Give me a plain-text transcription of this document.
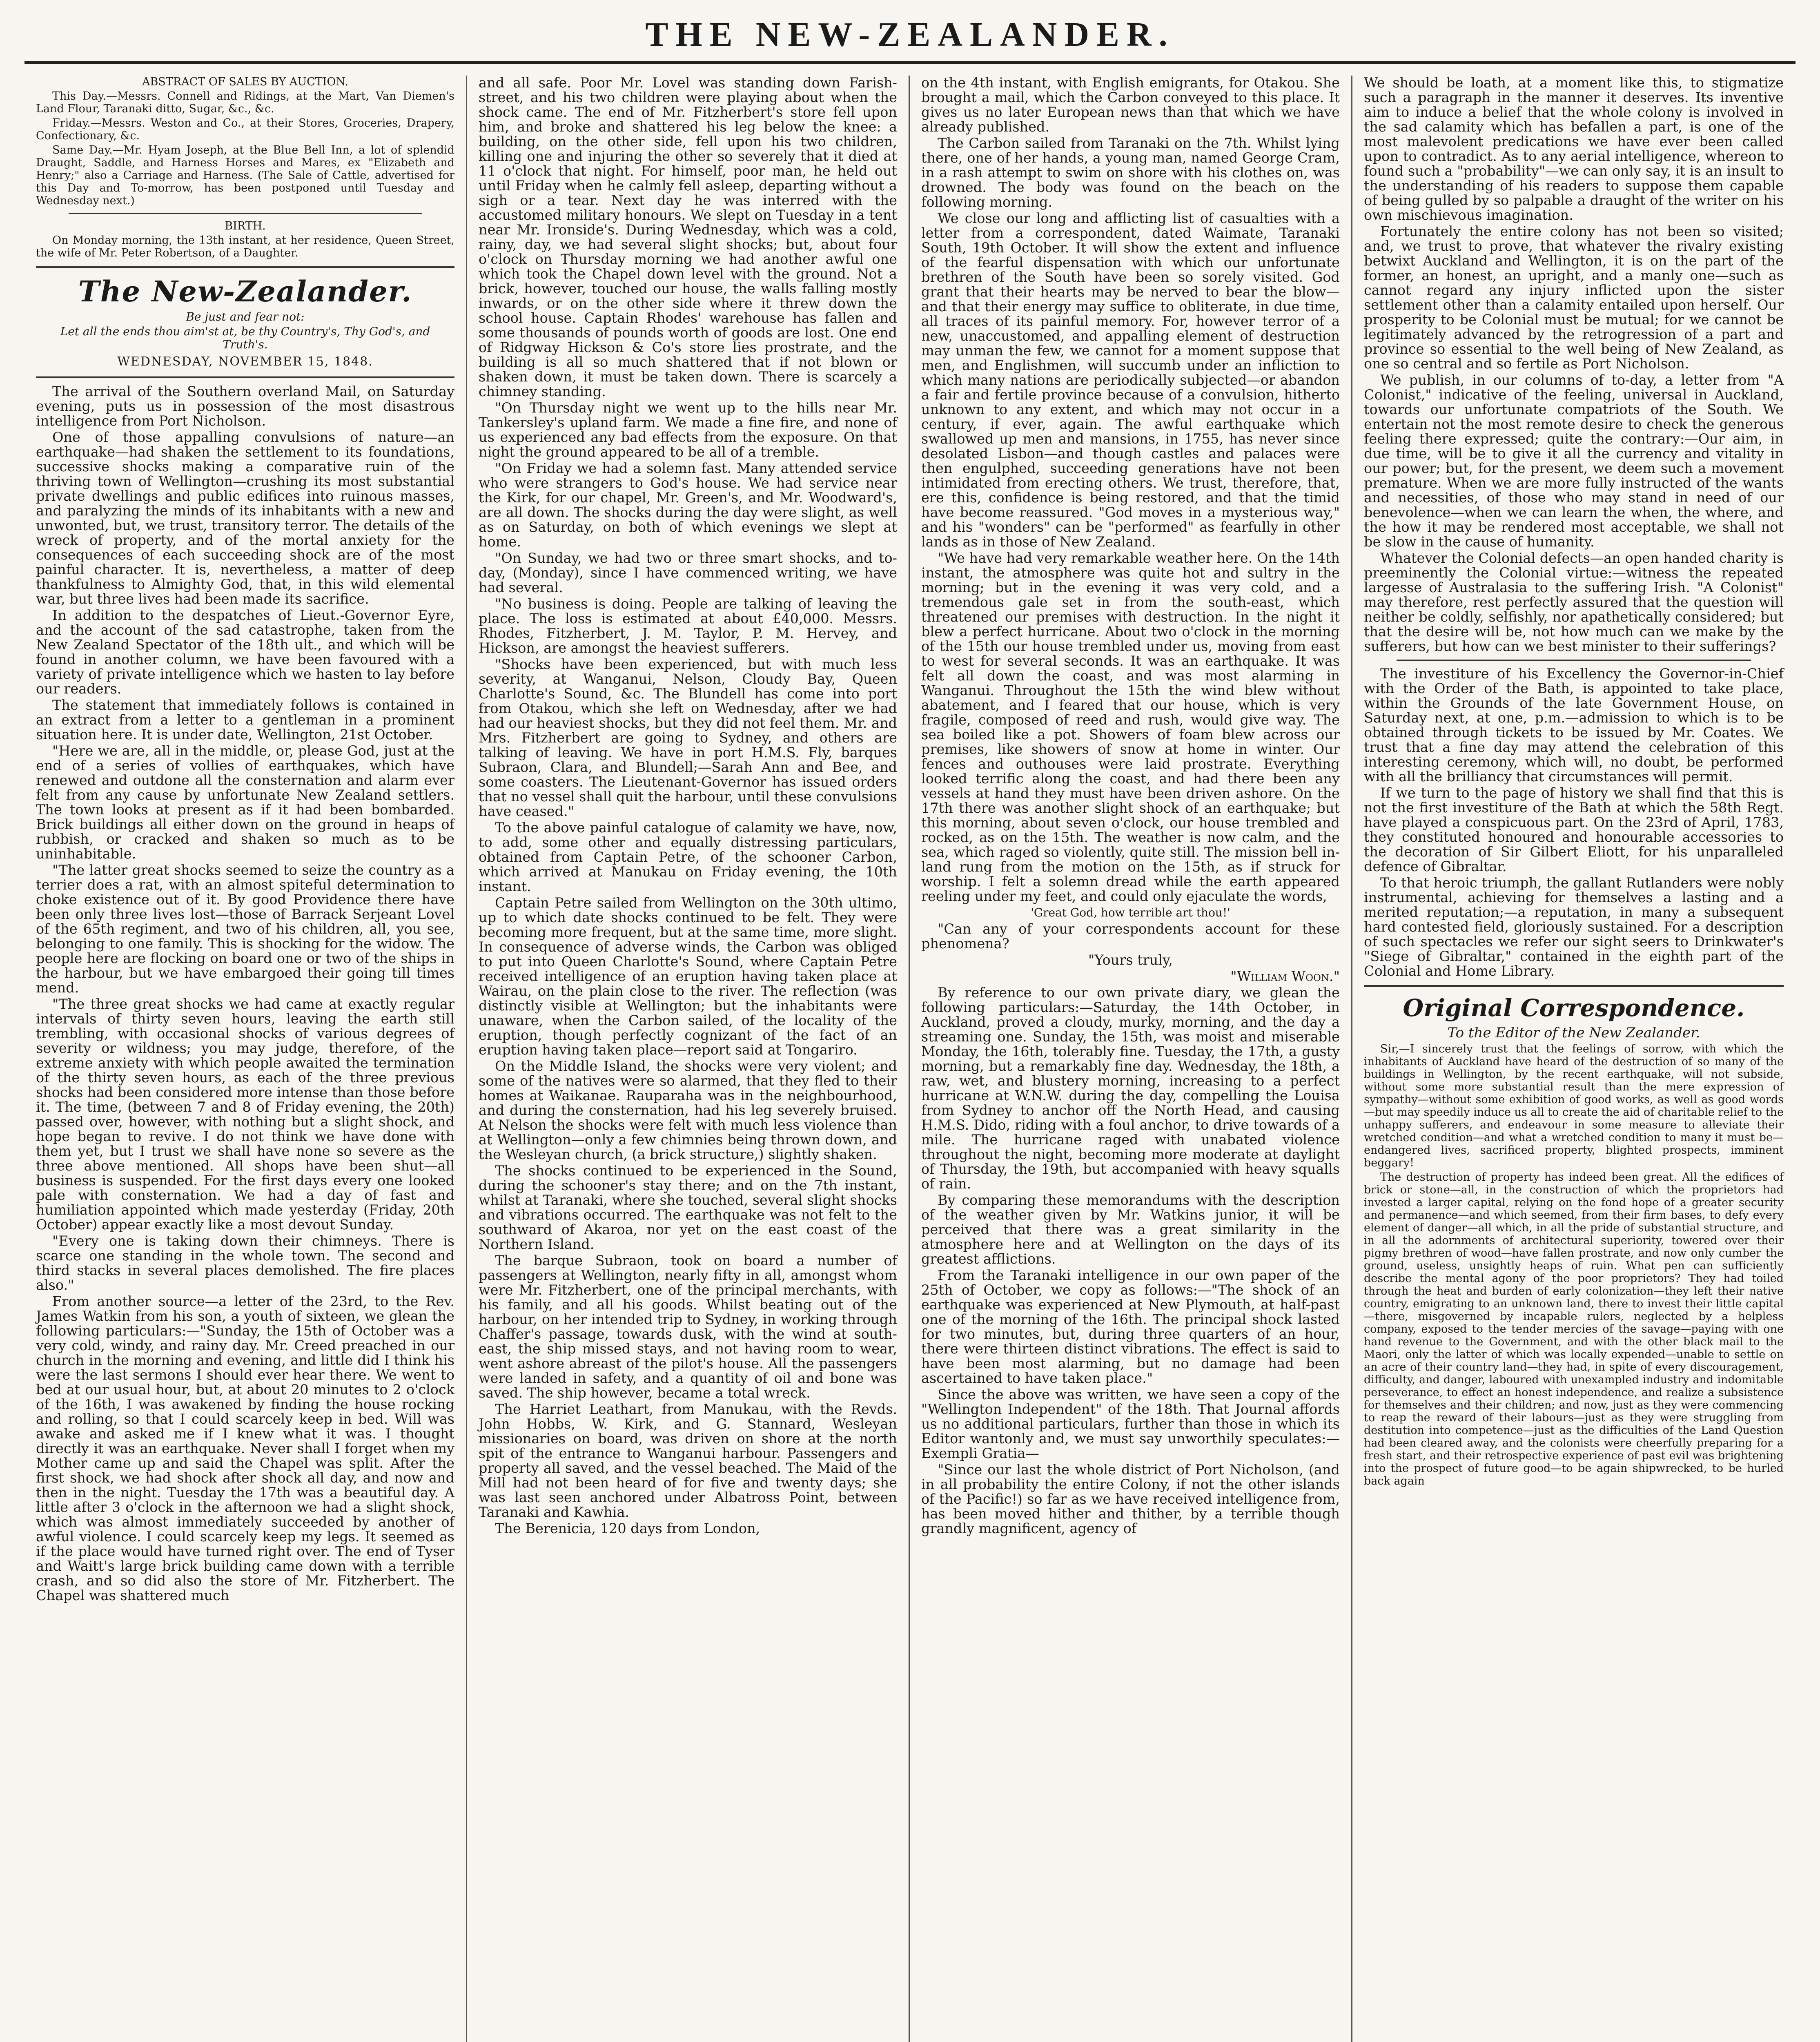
THE NEW-ZEALANDER.

ABSTRACT OF SALES BY AUCTION.

This Day.—Messrs. Connell and Ridings, at the Mart, Van Diemen's Land Flour, Taranaki ditto, Sugar, &c., &c.

Friday.—Messrs. Weston and Co., at their Stores, Groceries, Drapery, Confectionary, &c.

Same Day.—Mr. Hyam Joseph, at the Blue Bell Inn, a lot of splendid Draught, Saddle, and Harness Horses and Mares, ex "Elizabeth and Henry;" also a Carriage and Harness. (The Sale of Cattle, advertised for this Day and To-morrow, has been postponed until Tuesday and Wednesday next.)

BIRTH.

On Monday morning, the 13th instant, at her residence, Queen Street, the wife of Mr. Peter Robertson, of a Daughter.

The New-Zealander.

Be just and fear not:

Let all the ends thou aim'st at, be thy Country's, Thy God's, and Truth's.

WEDNESDAY, NOVEMBER 15, 1848.

The arrival of the Southern overland Mail, on Saturday evening, puts us in possession of the most disastrous intelligence from Port Nicholson.

One of those appalling convulsions of nature—an earthquake—had shaken the settlement to its foundations, successive shocks making a comparative ruin of the thriving town of Wellington—crushing its most substantial private dwellings and public edifices into ruinous masses, and paralyzing the minds of its inhabitants with a new and unwonted, but, we trust, transitory terror. The details of the wreck of property, and of the mortal anxiety for the consequences of each succeeding shock are of the most painful character. It is, nevertheless, a matter of deep thankfulness to Almighty God, that, in this wild elemental war, but three lives had been made its sacrifice.

In addition to the despatches of Lieut.-Governor Eyre, and the account of the sad catastrophe, taken from the New Zealand Spectator of the 18th ult., and which will be found in another column, we have been favoured with a variety of private intelligence which we hasten to lay before our readers.

The statement that immediately follows is contained in an extract from a letter to a gentleman in a prominent situation here. It is under date, Wellington, 21st October.

"Here we are, all in the middle, or, please God, just at the end of a series of vollies of earthquakes, which have renewed and outdone all the consternation and alarm ever felt from any cause by unfortunate New Zealand settlers. The town looks at present as if it had been bombarded. Brick buildings all either down on the ground in heaps of rubbish, or cracked and shaken so much as to be uninhabitable.

"The latter great shocks seemed to seize the country as a terrier does a rat, with an almost spiteful determination to choke existence out of it. By good Providence there have been only three lives lost—those of Barrack Serjeant Lovel of the 65th regiment, and two of his children, all, you see, belonging to one family. This is shocking for the widow. The people here are flocking on board one or two of the ships in the harbour, but we have embargoed their going till times mend.

"The three great shocks we had came at exactly regular intervals of thirty seven hours, leaving the earth still trembling, with occasional shocks of various degrees of severity or wildness; you may judge, therefore, of the extreme anxiety with which people awaited the termination of the thirty seven hours, as each of the three previous shocks had been considered more intense than those before it. The time, (between 7 and 8 of Friday evening, the 20th) passed over, however, with nothing but a slight shock, and hope began to revive. I do not think we have done with them yet, but I trust we shall have none so severe as the three above mentioned. All shops have been shut—all business is suspended. For the first days every one looked pale with consternation. We had a day of fast and humiliation appointed which made yesterday (Friday, 20th October) appear exactly like a most devout Sunday.

"Every one is taking down their chimneys. There is scarce one standing in the whole town. The second and third stacks in several places demolished. The fire places also."

From another source—a letter of the 23rd, to the Rev. James Watkin from his son, a youth of sixteen, we glean the following particulars:—"Sunday, the 15th of October was a very cold, windy, and rainy day. Mr. Creed preached in our church in the morning and evening, and little did I think his were the last sermons I should ever hear there. We went to bed at our usual hour, but, at about 20 minutes to 2 o'clock of the 16th, I was awakened by finding the house rocking and rolling, so that I could scarcely keep in bed. Will was awake and asked me if I knew what it was. I thought directly it was an earthquake. Never shall I forget when my Mother came up and said the Chapel was split. After the first shock, we had shock after shock all day, and now and then in the night. Tuesday the 17th was a beautiful day. A little after 3 o'clock in the afternoon we had a slight shock, which was almost immediately succeeded by another of awful violence. I could scarcely keep my legs. It seemed as if the place would have turned right over. The end of Tyser and Waitt's large brick building came down with a terrible crash, and so did also the store of Mr. Fitzherbert. The Chapel was shattered much

and all safe. Poor Mr. Lovel was standing down Farish-street, and his two children were playing about when the shock came. The end of Mr. Fitzherbert's store fell upon him, and broke and shattered his leg below the knee: a building, on the other side, fell upon his two children, killing one and injuring the other so severely that it died at 11 o'clock that night. For himself, poor man, he held out until Friday when he calmly fell asleep, departing without a sigh or a tear. Next day he was interred with the accustomed military honours. We slept on Tuesday in a tent near Mr. Ironside's. During Wednesday, which was a cold, rainy, day, we had several slight shocks; but, about four o'clock on Thursday morning we had another awful one which took the Chapel down level with the ground. Not a brick, however, touched our house, the walls falling mostly inwards, or on the other side where it threw down the school house. Captain Rhodes' warehouse has fallen and some thousands of pounds worth of goods are lost. One end of Ridgway Hickson & Co's store lies prostrate, and the building is all so much shattered that if not blown or shaken down, it must be taken down. There is scarcely a chimney standing.

"On Thursday night we went up to the hills near Mr. Tankersley's upland farm. We made a fine fire, and none of us experienced any bad effects from the exposure. On that night the ground appeared to be all of a tremble.

"On Friday we had a solemn fast. Many attended service who were strangers to God's house. We had service near the Kirk, for our chapel, Mr. Green's, and Mr. Woodward's, are all down. The shocks during the day were slight, as well as on Saturday, on both of which evenings we slept at home.

"On Sunday, we had two or three smart shocks, and to-day, (Monday), since I have commenced writing, we have had several.

"No business is doing. People are talking of leaving the place. The loss is estimated at about £40,000. Messrs. Rhodes, Fitzherbert, J. M. Taylor, P. M. Hervey, and Hickson, are amongst the heaviest sufferers.

"Shocks have been experienced, but with much less severity, at Wanganui, Nelson, Cloudy Bay, Queen Charlotte's Sound, &c. The Blundell has come into port from Otakou, which she left on Wednesday, after we had had our heaviest shocks, but they did not feel them. Mr. and Mrs. Fitzherbert are going to Sydney, and others are talking of leaving. We have in port H.M.S. Fly, barques Subraon, Clara, and Blundell;—Sarah Ann and Bee, and some coasters. The Lieutenant-Governor has issued orders that no vessel shall quit the harbour, until these convulsions have ceased."

To the above painful catalogue of calamity we have, now, to add, some other and equally distressing particulars, obtained from Captain Petre, of the schooner Carbon, which arrived at Manukau on Friday evening, the 10th instant.

Captain Petre sailed from Wellington on the 30th ultimo, up to which date shocks continued to be felt. They were becoming more frequent, but at the same time, more slight. In consequence of adverse winds, the Carbon was obliged to put into Queen Charlotte's Sound, where Captain Petre received intelligence of an eruption having taken place at Wairau, on the plain close to the river. The reflection (was distinctly visible at Wellington; but the inhabitants were unaware, when the Carbon sailed, of the locality of the eruption, though perfectly cognizant of the fact of an eruption having taken place—report said at Tongariro.

On the Middle Island, the shocks were very violent; and some of the natives were so alarmed, that they fled to their homes at Waikanae. Rauparaha was in the neighbourhood, and during the consternation, had his leg severely bruised. At Nelson the shocks were felt with much less violence than at Wellington—only a few chimnies being thrown down, and the Wesleyan church, (a brick structure,) slightly shaken.

The shocks continued to be experienced in the Sound, during the schooner's stay there; and on the 7th instant, whilst at Taranaki, where she touched, several slight shocks and vibrations occurred. The earthquake was not felt to the southward of Akaroa, nor yet on the east coast of the Northern Island.

The barque Subraon, took on board a number of passengers at Wellington, nearly fifty in all, amongst whom were Mr. Fitzherbert, one of the principal merchants, with his family, and all his goods. Whilst beating out of the harbour, on her intended trip to Sydney, in working through Chaffer's passage, towards dusk, with the wind at south-east, the ship missed stays, and not having room to wear, went ashore abreast of the pilot's house. All the passengers were landed in safety, and a quantity of oil and bone was saved. The ship however, became a total wreck.

The Harriet Leathart, from Manukau, with the Revds. John Hobbs, W. Kirk, and G. Stannard, Wesleyan missionaries on board, was driven on shore at the north spit of the entrance to Wanganui harbour. Passengers and property all saved, and the vessel beached. The Maid of the Mill had not been heard of for five and twenty days; she was last seen anchored under Albatross Point, between Taranaki and Kawhia.

The Berenicia, 120 days from London,

on the 4th instant, with English emigrants, for Otakou. She brought a mail, which the Carbon conveyed to this place. It gives us no later European news than that which we have already published.

The Carbon sailed from Taranaki on the 7th. Whilst lying there, one of her hands, a young man, named George Cram, in a rash attempt to swim on shore with his clothes on, was drowned. The body was found on the beach on the following morning.

We close our long and afflicting list of casualties with a letter from a correspondent, dated Waimate, Taranaki South, 19th October. It will show the extent and influence of the fearful dispensation with which our unfortunate brethren of the South have been so sorely visited. God grant that their hearts may be nerved to bear the blow—and that their energy may suffice to obliterate, in due time, all traces of its painful memory. For, however terror of a new, unaccustomed, and appalling element of destruction may unman the few, we cannot for a moment suppose that men, and Englishmen, will succumb under an infliction to which many nations are periodically subjected—or abandon a fair and fertile province because of a convulsion, hitherto unknown to any extent, and which may not occur in a century, if ever, again. The awful earthquake which swallowed up men and mansions, in 1755, has never since desolated Lisbon—and though castles and palaces were then engulphed, succeeding generations have not been intimidated from erecting others. We trust, therefore, that, ere this, confidence is being restored, and that the timid have become reassured. "God moves in a mysterious way," and his "wonders" can be "performed" as fearfully in other lands as in those of New Zealand.

"We have had very remarkable weather here. On the 14th instant, the atmosphere was quite hot and sultry in the morning; but in the evening it was very cold, and a tremendous gale set in from the south-east, which threatened our premises with destruction. In the night it blew a perfect hurricane. About two o'clock in the morning of the 15th our house trembled under us, moving from east to west for several seconds. It was an earthquake. It was felt all down the coast, and was most alarming in Wanganui. Throughout the 15th the wind blew without abatement, and I feared that our house, which is very fragile, composed of reed and rush, would give way. The sea boiled like a pot. Showers of foam blew across our premises, like showers of snow at home in winter. Our fences and outhouses were laid prostrate. Everything looked terrific along the coast, and had there been any vessels at hand they must have been driven ashore. On the 17th there was another slight shock of an earthquake; but this morning, about seven o'clock, our house trembled and rocked, as on the 15th. The weather is now calm, and the sea, which raged so violently, quite still. The mission bell in-land rung from the motion on the 15th, as if struck for worship. I felt a solemn dread while the earth appeared reeling under my feet, and could only ejaculate the words,

'Great God, how terrible art thou!'

"Can any of your correspondents account for these phenomena?

"Yours truly,

"William Woon."

By reference to our own private diary, we glean the following particulars:—Saturday, the 14th October, in Auckland, proved a cloudy, murky, morning, and the day a streaming one. Sunday, the 15th, was moist and miserable Monday, the 16th, tolerably fine. Tuesday, the 17th, a gusty morning, but a remarkably fine day. Wednesday, the 18th, a raw, wet, and blustery morning, increasing to a perfect hurricane at W.N.W. during the day, compelling the Louisa from Sydney to anchor off the North Head, and causing H.M.S. Dido, riding with a foul anchor, to drive towards of a mile. The hurricane raged with unabated violence throughout the night, becoming more moderate at daylight of Thursday, the 19th, but accompanied with heavy squalls of rain.

By comparing these memorandums with the description of the weather given by Mr. Watkins junior, it will be perceived that there was a great similarity in the atmosphere here and at Wellington on the days of its greatest afflictions.

From the Taranaki intelligence in our own paper of the 25th of October, we copy as follows:—"The shock of an earthquake was experienced at New Plymouth, at half-past one of the morning of the 16th. The principal shock lasted for two minutes, but, during three quarters of an hour, there were thirteen distinct vibrations. The effect is said to have been most alarming, but no damage had been ascertained to have taken place."

Since the above was written, we have seen a copy of the "Wellington Independent" of the 18th. That Journal affords us no additional particulars, further than those in which its Editor wantonly and, we must say unworthily speculates:—Exempli Gratia—

"Since our last the whole district of Port Nicholson, (and in all probability the entire Colony, if not the other islands of the Pacific!) so far as we have received intelligence from, has been moved hither and thither, by a terrible though grandly magnificent, agency of

We should be loath, at a moment like this, to stigmatize such a paragraph in the manner it deserves. Its inventive aim to induce a belief that the whole colony is involved in the sad calamity which has befallen a part, is one of the most malevolent predications we have ever been called upon to contradict. As to any aerial intelligence, whereon to found such a "probability"—we can only say, it is an insult to the understanding of his readers to suppose them capable of being gulled by so palpable a draught of the writer on his own mischievous imagination.

Fortunately the entire colony has not been so visited; and, we trust to prove, that whatever the rivalry existing betwixt Auckland and Wellington, it is on the part of the former, an honest, an upright, and a manly one—such as cannot regard any injury inflicted upon the sister settlement other than a calamity entailed upon herself. Our prosperity to be Colonial must be mutual; for we cannot be legitimately advanced by the retrogression of a part and province so essential to the well being of New Zealand, as one so central and so fertile as Port Nicholson.

We publish, in our columns of to-day, a letter from "A Colonist," indicative of the feeling, universal in Auckland, towards our unfortunate compatriots of the South. We entertain not the most remote desire to check the generous feeling there expressed; quite the contrary:—Our aim, in due time, will be to give it all the currency and vitality in our power; but, for the present, we deem such a movement premature. When we are more fully instructed of the wants and necessities, of those who may stand in need of our benevolence—when we can learn the when, the where, and the how it may be rendered most acceptable, we shall not be slow in the cause of humanity.

Whatever the Colonial defects—an open handed charity is preeminently the Colonial virtue:—witness the repeated largesse of Australasia to the suffering Irish. "A Colonist" may therefore, rest perfectly assured that the question will neither be coldly, selfishly, nor apathetically considered; but that the desire will be, not how much can we make by the sufferers, but how can we best minister to their sufferings?

The investiture of his Excellency the Governor-in-Chief with the Order of the Bath, is appointed to take place, within the Grounds of the late Government House, on Saturday next, at one, p.m.—admission to which is to be obtained through tickets to be issued by Mr. Coates. We trust that a fine day may attend the celebration of this interesting ceremony, which will, no doubt, be performed with all the brilliancy that circumstances will permit.

If we turn to the page of history we shall find that this is not the first investiture of the Bath at which the 58th Regt. have played a conspicuous part. On the 23rd of April, 1783, they constituted honoured and honourable accessories to the decoration of Sir Gilbert Eliott, for his unparalleled defence of Gibraltar.

To that heroic triumph, the gallant Rutlanders were nobly instrumental, achieving for themselves a lasting and a merited reputation;—a reputation, in many a subsequent hard contested field, gloriously sustained. For a description of such spectacles we refer our sight seers to Drinkwater's "Siege of Gibraltar," contained in the eighth part of the Colonial and Home Library.

Original Correspondence.

To the Editor of the New Zealander.

Sir,—I sincerely trust that the feelings of sorrow, with which the inhabitants of Auckland have heard of the destruction of so many of the buildings in Wellington, by the recent earthquake, will not subside, without some more substantial result than the mere expression of sympathy—without some exhibition of good works, as well as good words—but may speedily induce us all to create the aid of charitable relief to the unhappy sufferers, and endeavour in some measure to alleviate their wretched condition—and what a wretched condition to many it must be—endangered lives, sacrificed property, blighted prospects, imminent beggary!

The destruction of property has indeed been great. All the edifices of brick or stone—all, in the construction of which the proprietors had invested a larger capital, relying on the fond hope of a greater security and permanence—and which seemed, from their firm bases, to defy every element of danger—all which, in all the pride of substantial structure, and in all the adornments of architectural superiority, towered over their pigmy brethren of wood—have fallen prostrate, and now only cumber the ground, useless, unsightly heaps of ruin. What pen can sufficiently describe the mental agony of the poor proprietors? They had toiled through the heat and burden of early colonization—they left their native country, emigrating to an unknown land, there to invest their little capital—there, misgoverned by incapable rulers, neglected by a helpless company, exposed to the tender mercies of the savage—paying with one hand revenue to the Government, and with the other black mail to the Maori, only the latter of which was locally expended—unable to settle on an acre of their country land—they had, in spite of every discouragement, difficulty, and danger, laboured with unexampled industry and indomitable perseverance, to effect an honest independence, and realize a subsistence for themselves and their children; and now, just as they were commencing to reap the reward of their labours—just as they were struggling from destitution into competence—just as the difficulties of the Land Question had been cleared away, and the colonists were cheerfully preparing for a fresh start, and their retrospective experience of past evil was brightening into the prospect of future good—to be again shipwrecked, to be hurled back again
